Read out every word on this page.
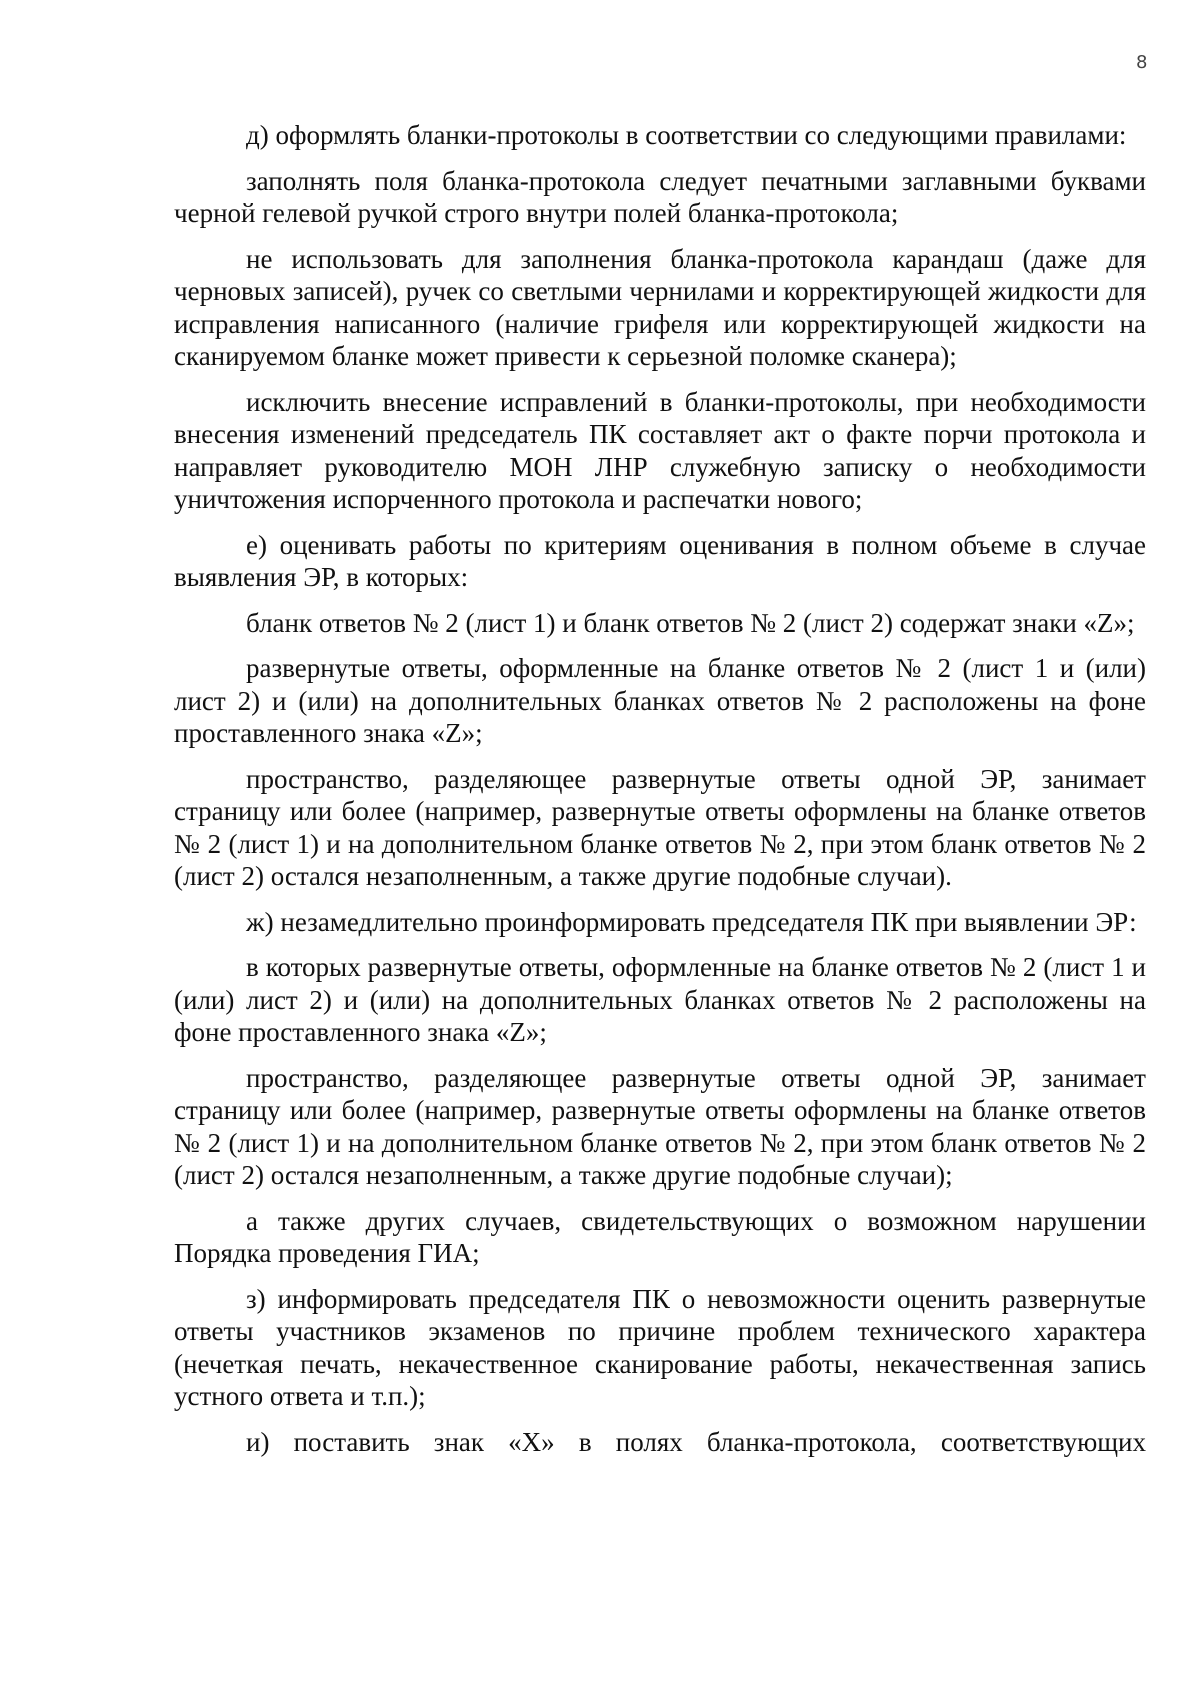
8

д) оформлять бланки-протоколы в соответствии со следующими правилами:

заполнять поля бланка-протокола следует печатными заглавными буквами черной гелевой ручкой строго внутри полей бланка-протокола;

не использовать для заполнения бланка-протокола карандаш (даже для черновых записей), ручек со светлыми чернилами и корректирующей жидкости для исправления написанного (наличие грифеля или корректирующей жидкости на сканируемом бланке может привести к серьезной поломке сканера);

исключить внесение исправлений в бланки-протоколы, при необходимости внесения изменений председатель ПК составляет акт о факте порчи протокола и направляет руководителю МОН ЛНР служебную записку о необходимости уничтожения испорченного протокола и распечатки нового;

е) оценивать работы по критериям оценивания в полном объеме в случае выявления ЭР, в которых:

бланк ответов № 2 (лист 1) и бланк ответов № 2 (лист 2) содержат знаки «Z»;

развернутые ответы, оформленные на бланке ответов № 2 (лист 1 и (или) лист 2) и (или) на дополнительных бланках ответов № 2 расположены на фоне проставленного знака «Z»;

пространство, разделяющее развернутые ответы одной ЭР, занимает страницу или более (например, развернутые ответы оформлены на бланке ответов № 2 (лист 1) и на дополнительном бланке ответов № 2, при этом бланк ответов № 2 (лист 2) остался незаполненным, а также другие подобные случаи).

ж) незамедлительно проинформировать председателя ПК при выявлении ЭР:

в которых развернутые ответы, оформленные на бланке ответов № 2 (лист 1 и (или) лист 2) и (или) на дополнительных бланках ответов № 2 расположены на фоне проставленного знака «Z»;

пространство, разделяющее развернутые ответы одной ЭР, занимает страницу или более (например, развернутые ответы оформлены на бланке ответов № 2 (лист 1) и на дополнительном бланке ответов № 2, при этом бланк ответов № 2 (лист 2) остался незаполненным, а также другие подобные случаи);

а также других случаев, свидетельствующих о возможном нарушении Порядка проведения ГИА;

з) информировать председателя ПК о невозможности оценить развернутые ответы участников экзаменов по причине проблем технического характера (нечеткая печать, некачественное сканирование работы, некачественная запись устного ответа и т.п.);

и) поставить знак «X» в полях бланка-протокола, соответствующих
